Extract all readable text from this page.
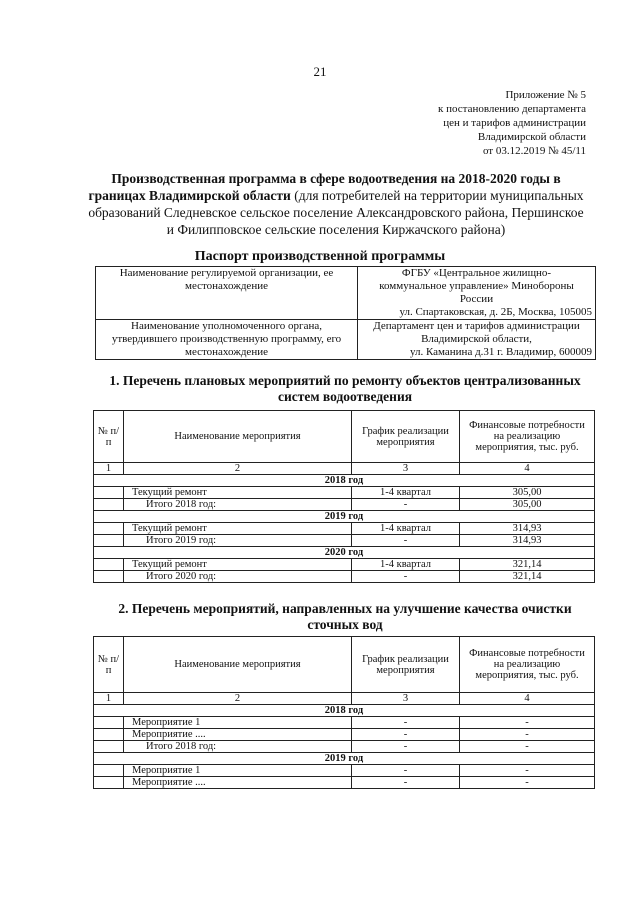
21
Приложение № 5
к постановлению департамента
цен и тарифов администрации
Владимирской области
от 03.12.2019 № 45/11
Производственная программа в сфере водоотведения на 2018-2020 годы в границах Владимирской области (для потребителей на территории муниципальных образований Следневское сельское поселение Александровского района, Першинское и Филипповское сельские поселения Киржачского района)
Паспорт производственной программы
Наименование регулируемой организации, ее местонахождение	ФГБУ «Центральное жилищно-
коммунальное управление» Минобороны
России
ул. Спартаковская, д. 2Б, Москва, 105005

Наименование уполномоченного органа, утвердившего производственную программу, его местонахождение	Департамент цен и тарифов администрации
Владимирской области,
ул. Каманина д.31 г. Владимир, 600009
1. Перечень плановых мероприятий по ремонту объектов централизованных систем водоотведения
№ п/п	Наименование мероприятия	График реализации мероприятия	Финансовые потребности на реализацию мероприятия, тыс. руб.
1	2	3	4
2018 год			
	Текущий ремонт	1-4 квартал	305,00
	Итого 2018 год:	-	305,00
2019 год			
	Текущий ремонт	1-4 квартал	314,93
	Итого 2019 год:	-	314,93
2020 год			
	Текущий ремонт	1-4 квартал	321,14
	Итого 2020 год:	-	321,14
2. Перечень мероприятий, направленных на улучшение качества очистки сточных вод
№ п/п	Наименование мероприятия	График реализации мероприятия	Финансовые потребности на реализацию мероприятия, тыс. руб.
1	2	3	4
2018 год			
	Мероприятие 1	-	-
	Мероприятие ....	-	-
	Итого 2018 год:	-	-
2019 год			
	Мероприятие 1	-	-
	Мероприятие ....	-	-
